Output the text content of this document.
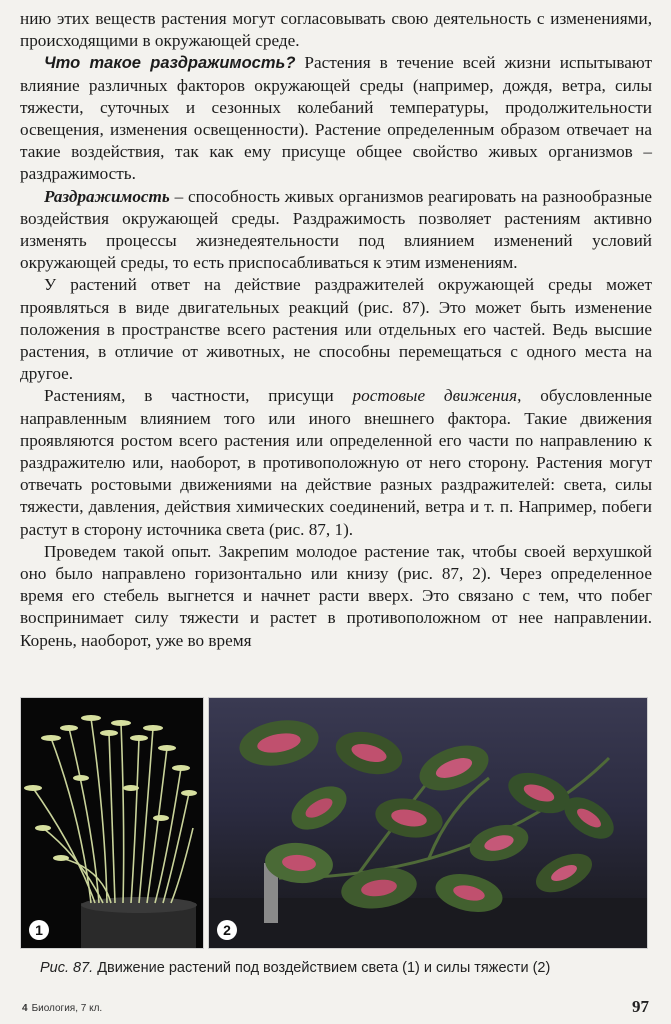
нию этих веществ растения могут согласовывать свою деятельность с изменениями, происходящими в окружающей среде.

Что такое раздражимость? Растения в течение всей жизни испытывают влияние различных факторов окружающей среды (например, дождя, ветра, силы тяжести, суточных и сезонных колебаний температуры, продолжительности освещения, изменения освещенности). Растение определенным образом отвечает на такие воздействия, так как ему присуще общее свойство живых организмов – раздражимость.

Раздражимость – способность живых организмов реагировать на разнообразные воздействия окружающей среды. Раздражимость позволяет растениям активно изменять процессы жизнедеятельности под влиянием изменений условий окружающей среды, то есть приспосабливаться к этим изменениям.

У растений ответ на действие раздражителей окружающей среды может проявляться в виде двигательных реакций (рис. 87). Это может быть изменение положения в пространстве всего растения или отдельных его частей. Ведь высшие растения, в отличие от животных, не способны перемещаться с одного места на другое.

Растениям, в частности, присущи ростовые движения, обусловленные направленным влиянием того или иного внешнего фактора. Такие движения проявляются ростом всего растения или определенной его части по направлению к раздражителю или, наоборот, в противоположную от него сторону. Растения могут отвечать ростовыми движениями на действие разных раздражителей: света, силы тяжести, давления, действия химических соединений, ветра и т. п. Например, побеги растут в сторону источника света (рис. 87, 1).

Проведем такой опыт. Закрепим молодое растение так, чтобы своей верхушкой оно было направлено горизонтально или книзу (рис. 87, 2). Через определенное время его стебель выгнется и начнет расти вверх. Это связано с тем, что побег воспринимает силу тяжести и растет в противоположном от нее направлении. Корень, наоборот, уже во время

1	2
Рис. 87. Движение растений под воздействием света (1) и силы тяжести (2)
4 Биология, 7 кл.	97
